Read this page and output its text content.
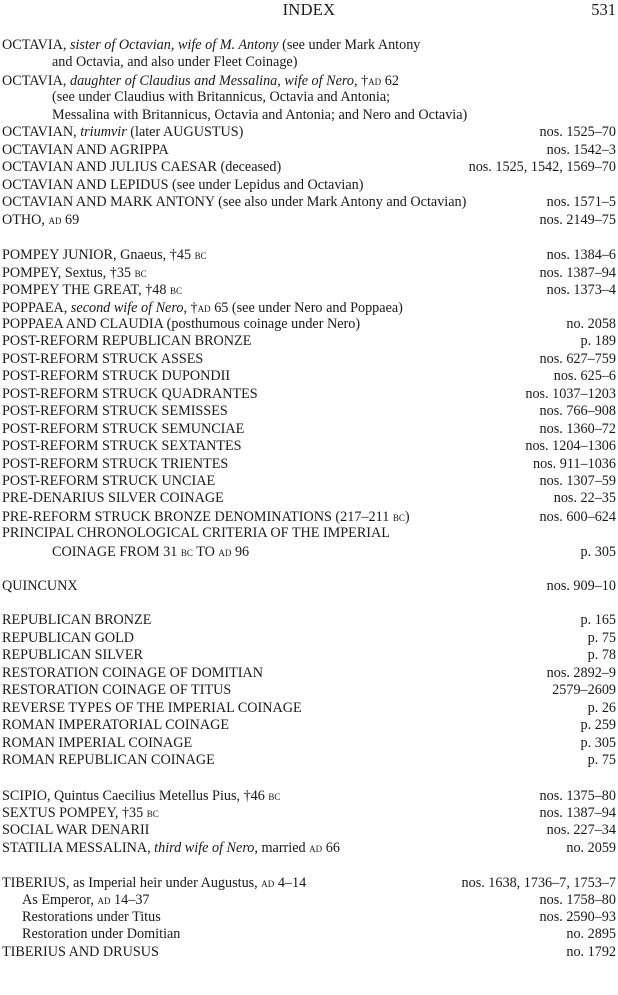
INDEX	531
OCTAVIA, sister of Octavian, wife of M. Antony (see under Mark Antony
and Octavia, and also under Fleet Coinage)
OCTAVIA, daughter of Claudius and Messalina, wife of Nero, †ad 62
(see under Claudius with Britannicus, Octavia and Antonia;
Messalina with Britannicus, Octavia and Antonia; and Nero and Octavia)
OCTAVIAN, triumvir (later AUGUSTUS)	nos. 1525–70
OCTAVIAN AND AGRIPPA	nos. 1542–3
OCTAVIAN AND JULIUS CAESAR (deceased)	nos. 1525, 1542, 1569–70
OCTAVIAN AND LEPIDUS (see under Lepidus and Octavian)
OCTAVIAN AND MARK ANTONY (see also under Mark Antony and Octavian)	nos. 1571–5
OTHO, ad 69	nos. 2149–75
POMPEY JUNIOR, Gnaeus, †45 bc	nos. 1384–6
POMPEY, Sextus, †35 bc	nos. 1387–94
POMPEY THE GREAT, †48 bc	nos. 1373–4
POPPAEA, second wife of Nero, †ad 65 (see under Nero and Poppaea)
POPPAEA AND CLAUDIA (posthumous coinage under Nero)	no. 2058
POST-REFORM REPUBLICAN BRONZE	p. 189
POST-REFORM STRUCK ASSES	nos. 627–759
POST-REFORM STRUCK DUPONDII	nos. 625–6
POST-REFORM STRUCK QUADRANTES	nos. 1037–1203
POST-REFORM STRUCK SEMISSES	nos. 766–908
POST-REFORM STRUCK SEMUNCIAE	nos. 1360–72
POST-REFORM STRUCK SEXTANTES	nos. 1204–1306
POST-REFORM STRUCK TRIENTES	nos. 911–1036
POST-REFORM STRUCK UNCIAE	nos. 1307–59
PRE-DENARIUS SILVER COINAGE	nos. 22–35
PRE-REFORM STRUCK BRONZE DENOMINATIONS (217–211 bc)	nos. 600–624
PRINCIPAL CHRONOLOGICAL CRITERIA OF THE IMPERIAL
COINAGE FROM 31 bc TO ad 96	p. 305
QUINCUNX	nos. 909–10
REPUBLICAN BRONZE	p. 165
REPUBLICAN GOLD	p. 75
REPUBLICAN SILVER	p. 78
RESTORATION COINAGE OF DOMITIAN	nos. 2892–9
RESTORATION COINAGE OF TITUS	2579–2609
REVERSE TYPES OF THE IMPERIAL COINAGE	p. 26
ROMAN IMPERATORIAL COINAGE	p. 259
ROMAN IMPERIAL COINAGE	p. 305
ROMAN REPUBLICAN COINAGE	p. 75
SCIPIO, Quintus Caecilius Metellus Pius, †46 bc	nos. 1375–80
SEXTUS POMPEY, †35 bc	nos. 1387–94
SOCIAL WAR DENARII	nos. 227–34
STATILIA MESSALINA, third wife of Nero, married ad 66	no. 2059
TIBERIUS, as Imperial heir under Augustus, ad 4–14	nos. 1638, 1736–7, 1753–7
As Emperor, ad 14–37	nos. 1758–80
Restorations under Titus	nos. 2590–93
Restoration under Domitian	no. 2895
TIBERIUS AND DRUSUS	no. 1792
